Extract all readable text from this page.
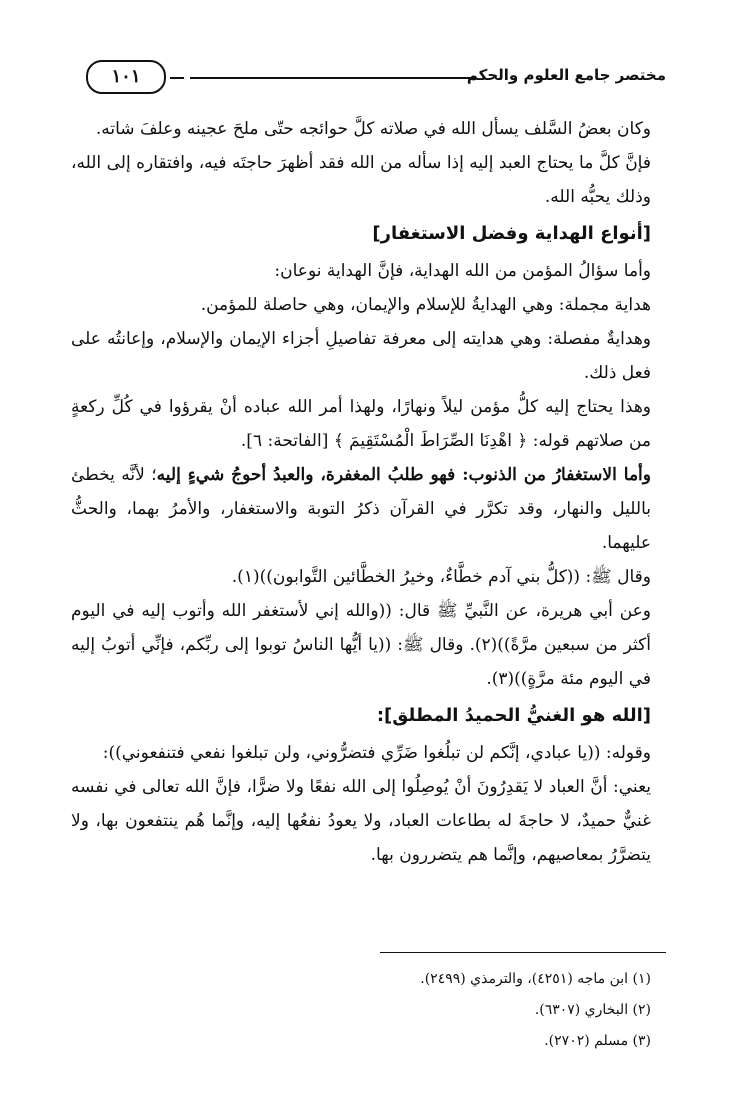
مختصر جامع العلوم والحكم
١٠١

وكان بعضُ السَّلف يسأل الله في صلاته كلَّ حوائجه حتّى ملحَ عجينه وعلفَ شاته.

فإنَّ كلَّ ما يحتاج العبد إليه إذا سأله من الله فقد أظهرَ حاجتَه فيه، وافتقاره إلى الله، وذلك يحبُّه الله.

[أنواع الهداية وفضل الاستغفار]

وأما سؤالُ المؤمن من الله الهداية، فإنَّ الهداية نوعان:

هداية مجملة: وهي الهدايةُ للإسلام والإيمان، وهي حاصلة للمؤمن.

وهدايةٌ مفصلة: وهي هدايته إلى معرفة تفاصيلِ أجزاء الإيمان والإسلام، وإعانتُه على فعل ذلك.

وهذا يحتاج إليه كلُّ مؤمن ليلاً ونهارًا، ولهذا أمر الله عباده أنْ يقرؤوا في كُلِّ ركعةٍ من صلاتهم قوله: ﴿ اهْدِنَا الصِّرَاطَ الْمُسْتَقِيمَ ﴾ [الفاتحة: ٦].

وأما الاستغفارُ من الذنوب: فهو طلبُ المغفرة، والعبدُ أحوجُ شيءٍ إليه؛ لأنَّه يخطئ بالليل والنهار، وقد تكرَّر في القرآن ذكرُ التوبة والاستغفار، والأمرُ بهما، والحثُّ عليهما.

وقال ﷺ: ((كلُّ بني آدم خطَّاءٌ، وخيرُ الخطَّائين التَّوابون))(١).

وعن أبي هريرة، عن النَّبيِّ ﷺ قال: ((والله إني لأستغفر الله وأتوب إليه في اليوم أكثر من سبعين مرَّةً))(٢). وقال ﷺ: ((يا أيُّها الناسُ توبوا إلى ربِّكم، فإنِّي أتوبُ إليه في اليوم مئة مرَّةٍ))(٣).

[الله هو الغنيُّ الحميدُ المطلق]:

وقوله: ((يا عبادي، إنَّكم لن تبلُغوا ضَرِّي فتضرُّوني، ولن تبلغوا نفعي فتنفعوني)):

يعني: أنَّ العباد لا يَقدِرُونَ أنْ يُوصِلُوا إلى الله نفعًا ولا ضرًّا، فإنَّ الله تعالى في نفسه غنيٌّ حميدٌ، لا حاجةَ له بطاعات العباد، ولا يعودُ نفعُها إليه، وإنَّما هُم ينتفعون بها، ولا يتضرَّرُ بمعاصيهم، وإنَّما هم يتضررون بها.

(١) ابن ماجه (٤٢٥١)، والترمذي (٢٤٩٩).

(٢) البخاري (٦٣٠٧).

(٣) مسلم (٢٧٠٢).
